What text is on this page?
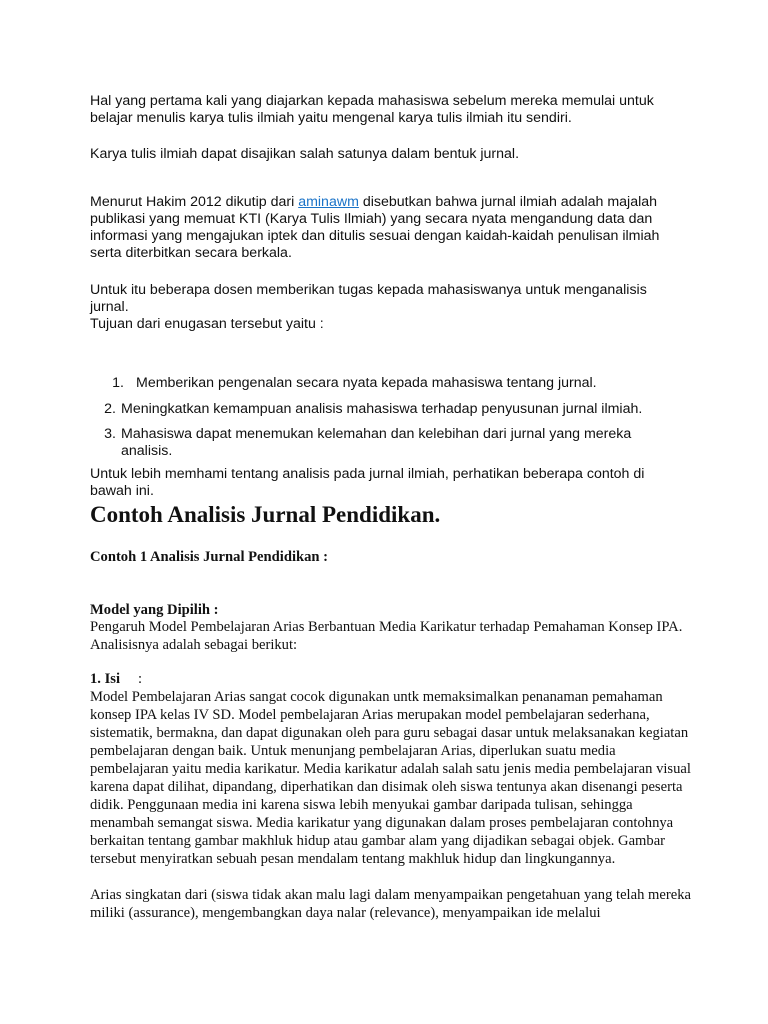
Hal yang pertama kali yang diajarkan kepada mahasiswa sebelum mereka memulai untuk belajar menulis karya tulis ilmiah yaitu mengenal karya tulis ilmiah itu sendiri.

Karya tulis ilmiah dapat disajikan salah satunya dalam bentuk jurnal.

Menurut Hakim 2012 dikutip dari aminawm disebutkan bahwa jurnal ilmiah adalah majalah publikasi yang memuat KTI (Karya Tulis Ilmiah) yang secara nyata mengandung data dan informasi yang mengajukan iptek dan ditulis sesuai dengan kaidah-kaidah penulisan ilmiah serta diterbitkan secara berkala.

Untuk itu beberapa dosen memberikan tugas kepada mahasiswanya untuk menganalisis jurnal.

Tujuan dari enugasan tersebut yaitu :

1. Memberikan pengenalan secara nyata kepada mahasiswa tentang jurnal.
2. Meningkatkan kemampuan analisis mahasiswa terhadap penyusunan jurnal ilmiah.
3. Mahasiswa dapat menemukan kelemahan dan kelebihan dari jurnal yang mereka analisis.

Untuk lebih memhami tentang analisis pada jurnal ilmiah, perhatikan beberapa contoh di bawah ini.

Contoh Analisis Jurnal Pendidikan.

Contoh 1 Analisis Jurnal Pendidikan :

Model yang Dipilih :

Pengaruh Model Pembelajaran Arias Berbantuan Media Karikatur terhadap Pemahaman Konsep IPA. Analisisnya adalah sebagai berikut:

1. Isi :

Model Pembelajaran Arias sangat cocok digunakan untk memaksimalkan penanaman pemahaman konsep IPA kelas IV SD. Model pembelajaran Arias merupakan model pembelajaran sederhana, sistematik, bermakna, dan dapat digunakan oleh para guru sebagai dasar untuk melaksanakan kegiatan pembelajaran dengan baik. Untuk menunjang pembelajaran Arias, diperlukan suatu media pembelajaran yaitu media karikatur. Media karikatur adalah salah satu jenis media pembelajaran visual karena dapat dilihat, dipandang, diperhatikan dan disimak oleh siswa tentunya akan disenangi peserta didik. Penggunaan media ini karena siswa lebih menyukai gambar daripada tulisan, sehingga menambah semangat siswa. Media karikatur yang digunakan dalam proses pembelajaran contohnya berkaitan tentang gambar makhluk hidup atau gambar alam yang dijadikan sebagai objek. Gambar tersebut menyiratkan sebuah pesan mendalam tentang makhluk hidup dan lingkungannya.

Arias singkatan dari (siswa tidak akan malu lagi dalam menyampaikan pengetahuan yang telah mereka miliki (assurance), mengembangkan daya nalar (relevance), menyampaikan ide melalui
